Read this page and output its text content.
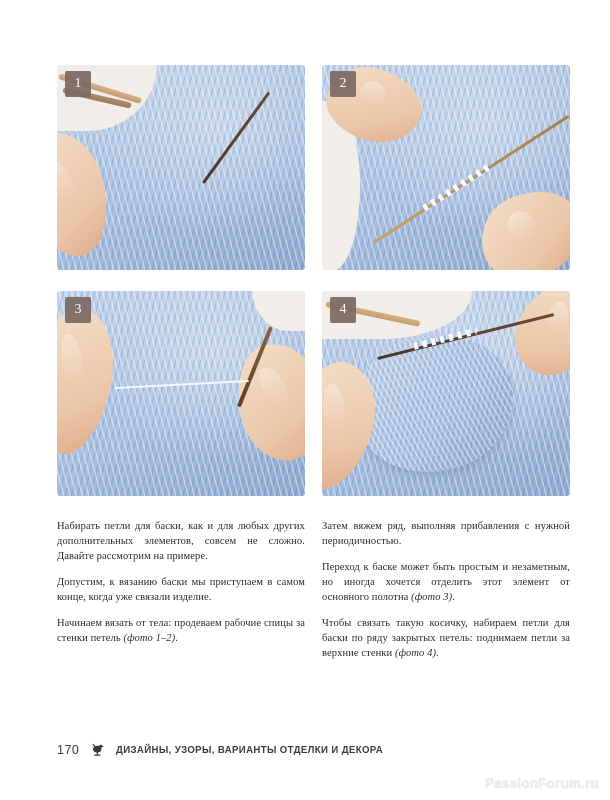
1	2
3	4

Набирать петли для баски, как и для любых других дополнительных элементов, совсем не сложно. Давайте рассмотрим на примере.

Допустим, к вязанию баски мы приступаем в самом конце, когда уже связали изделие.

Начинаем вязать от тела: продеваем рабочие спицы за стенки петель (фото 1–2).

Затем вяжем ряд, выполняя прибавления с нужной периодичностью.

Переход к баске может быть простым и незаметным, но иногда хочется отделить этот элемент от основного полотна (фото 3).

Чтобы связать такую косичку, набираем петли для баски по ряду закрытых петель: поднимаем петли за верхние стенки (фото 4).

170	ДИЗАЙНЫ, УЗОРЫ, ВАРИАНТЫ ОТДЕЛКИ И ДЕКОРА
PassionForum.ru
